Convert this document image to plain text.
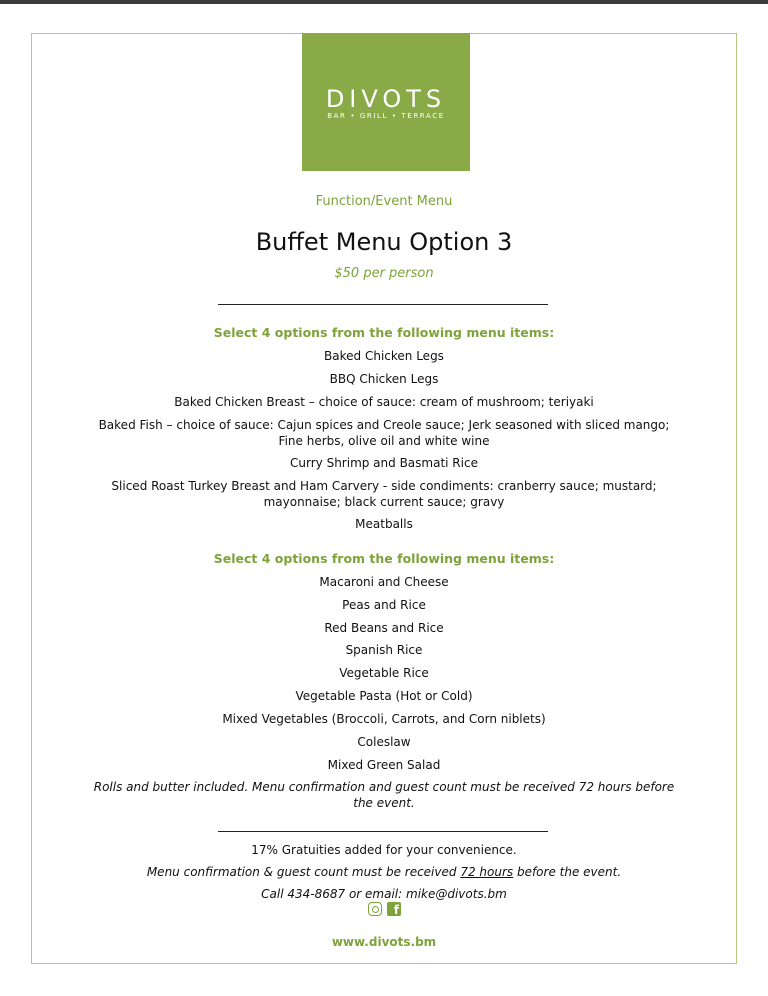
DIVOTS
BAR • GRILL • TERRACE
Function/Event Menu
Buffet Menu Option 3
$50 per person
Select 4 options from the following menu items:
Baked Chicken Legs
BBQ Chicken Legs
Baked Chicken Breast – choice of sauce: cream of mushroom; teriyaki
Baked Fish – choice of sauce: Cajun spices and Creole sauce; Jerk seasoned with sliced mango;
Fine herbs, olive oil and white wine
Curry Shrimp and Basmati Rice
Sliced Roast Turkey Breast and Ham Carvery - side condiments: cranberry sauce; mustard;
mayonnaise; black current sauce; gravy
Meatballs
Select 4 options from the following menu items:
Macaroni and Cheese
Peas and Rice
Red Beans and Rice
Spanish Rice
Vegetable Rice
Vegetable Pasta (Hot or Cold)
Mixed Vegetables (Broccoli, Carrots, and Corn niblets)
Coleslaw
Mixed Green Salad
Rolls and butter included. Menu confirmation and guest count must be received 72 hours before
the event.
17% Gratuities added for your convenience.
Menu confirmation & guest count must be received 72 hours before the event.
Call 434-8687 or email: mike@divots.bm
f
www.divots.bm
